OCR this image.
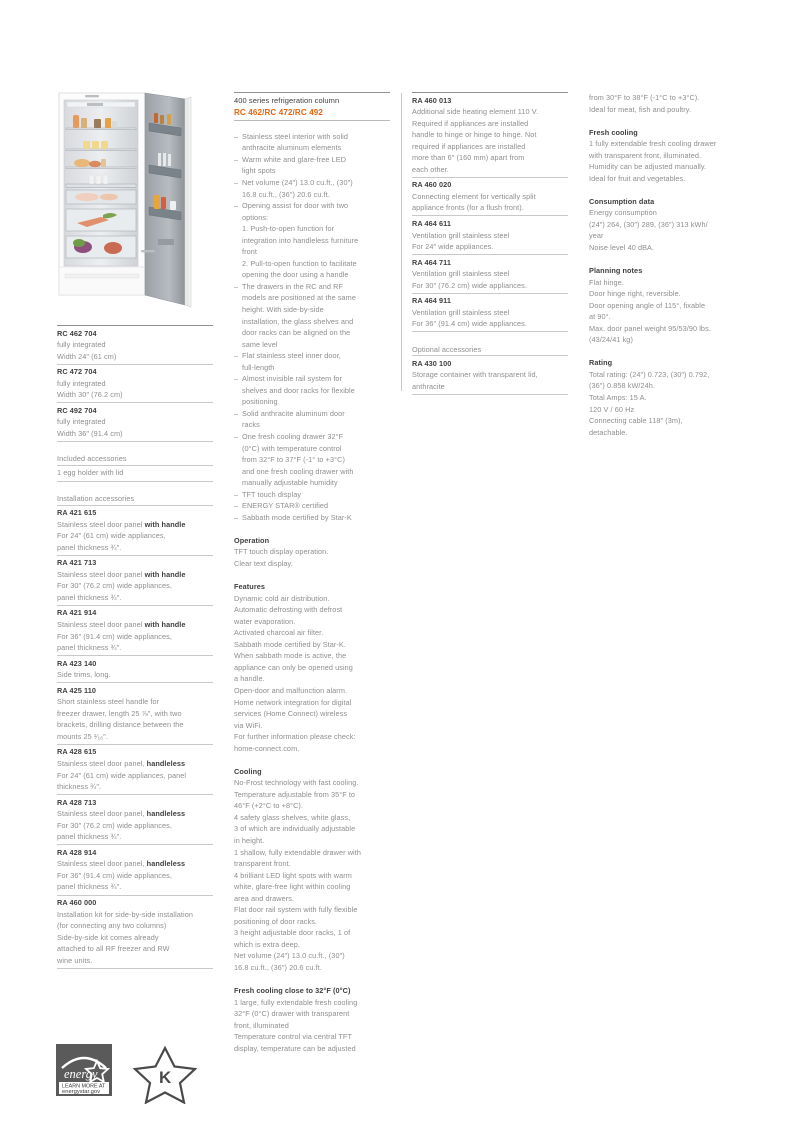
RC 462 704
fully integrated
Width 24″ (61 cm)
RC 472 704
fully integrated
Width 30″ (76.2 cm)
RC 492 704
fully integrated
Width 36″ (91.4 cm)
Included accessories
1 egg holder with lid
Installation accessories
RA 421 615
Stainless steel door panel with handle
For 24″ (61 cm) wide appliances,
panel thickness ¾″.
RA 421 713
Stainless steel door panel with handle
For 30″ (76.2 cm) wide appliances,
panel thickness ¾″.
RA 421 914
Stainless steel door panel with handle
For 36″ (91.4 cm) wide appliances,
panel thickness ¾″.
RA 423 140
Side trims, long.
RA 425 110
Short stainless steel handle for
freezer drawer, length 25 ⅞″, with two
brackets, drilling distance between the
mounts 25 ¹⁄₁₆″.
RA 428 615
Stainless steel door panel, handleless
For 24″ (61 cm) wide appliances, panel
thickness ¾″.
RA 428 713
Stainless steel door panel, handleless
For 30″ (76.2 cm) wide appliances,
panel thickness ¾″.
RA 428 914
Stainless steel door panel, handleless
For 36″ (91.4 cm) wide appliances,
panel thickness ¾″.
RA 460 000
Installation kit for side-by-side installation
(for connecting any two columns)
Side-by-side kit comes already
attached to all RF freezer and RW
wine units.
400 series refrigeration column
RC 462/RC 472/RC 492
– Stainless steel interior with solid
anthracite aluminum elements
– Warm white and glare-free LED
light spots
– Net volume (24″) 13.0 cu.ft., (30″)
16.8 cu.ft., (36″) 20.6 cu.ft.
– Opening assist for door with two
options:
1. Push-to-open function for
integration into handleless furniture
front
2. Pull-to-open function to facilitate
opening the door using a handle
– The drawers in the RC and RF
models are positioned at the same
height. With side-by-side
installation, the glass shelves and
door racks can be aligned on the
same level
– Flat stainless steel inner door,
full-length
– Almost invisible rail system for
shelves and door racks for flexible
positioning
– Solid anthracite aluminum door
racks
– One fresh cooling drawer 32°F
(0°C) with temperature control
from 32°F to 37°F (-1° to +3°C)
and one fresh cooling drawer with
manually adjustable humidity
– TFT touch display
– ENERGY STAR® certified
– Sabbath mode certified by Star-K
Operation
TFT touch display operation.
Clear text display.
Features
Dynamic cold air distribution.
Automatic defrosting with defrost
water evaporation.
Activated charcoal air filter.
Sabbath mode certified by Star-K.
When sabbath mode is active, the
appliance can only be opened using
a handle.
Open-door and malfunction alarm.
Home network integration for digital
services (Home Connect) wireless
via WiFi.
For further information please check:
home-connect.com.
Cooling
No-Frost technology with fast cooling.
Temperature adjustable from 35°F to
46°F (+2°C to +8°C).
4 safety glass shelves, white glass,
3 of which are individually adjustable
in height.
1 shallow, fully extendable drawer with
transparent front.
4 brilliant LED light spots with warm
white, glare-free light within cooling
area and drawers.
Flat door rail system with fully flexible
positioning of door racks.
3 height adjustable door racks, 1 of
which is extra deep.
Net volume (24″) 13.0 cu.ft., (30″)
16.8 cu.ft., (36″) 20.6 cu.ft.
Fresh cooling close to 32°F (0°C)
1 large, fully extendable fresh cooling
32°F (0°C) drawer with transparent
front, illuminated
Temperature control via central TFT
display, temperature can be adjusted
RA 460 013
Additional side heating element 110 V.
Required if appliances are installed
handle to hinge or hinge to hinge. Not
required if appliances are installed
more than 6″ (160 mm) apart from
each other.
RA 460 020
Connecting element for vertically split
appliance fronts (for a flush front).
RA 464 611
Ventilation grill stainless steel
For 24″ wide appliances.
RA 464 711
Ventilation grill stainless steel
For 30″ (76.2 cm) wide appliances.
RA 464 911
Ventilation grill stainless steel
For 36″ (91.4 cm) wide appliances.
Optional accessories
RA 430 100
Storage container with transparent lid,
anthracite
from 30°F to 38°F (-1°C to +3°C).
Ideal for meat, fish and poultry.
Fresh cooling
1 fully extendable fresh cooling drawer
with transparent front, illuminated.
Humidity can be adjusted manually.
Ideal for fruit and vegetables.
Consumption data
Energy consumption
(24″) 264, (30″) 289, (36″) 313 kWh/
year
Noise level 40 dBA.
Planning notes
Flat hinge.
Door hinge right, reversible.
Door opening angle of 115°, fixable
at 90°.
Max. door panel weight 95/53/90 lbs.
(43/24/41 kg)
Rating
Total rating: (24″) 0.723, (30″) 0.792,
(36″) 0.858 kW/24h.
Total Amps: 15 A.
120 V / 60 Hz
Connecting cable 118″ (3m),
detachable.
energy
LEARN MORE AT
energystar.gov
K
